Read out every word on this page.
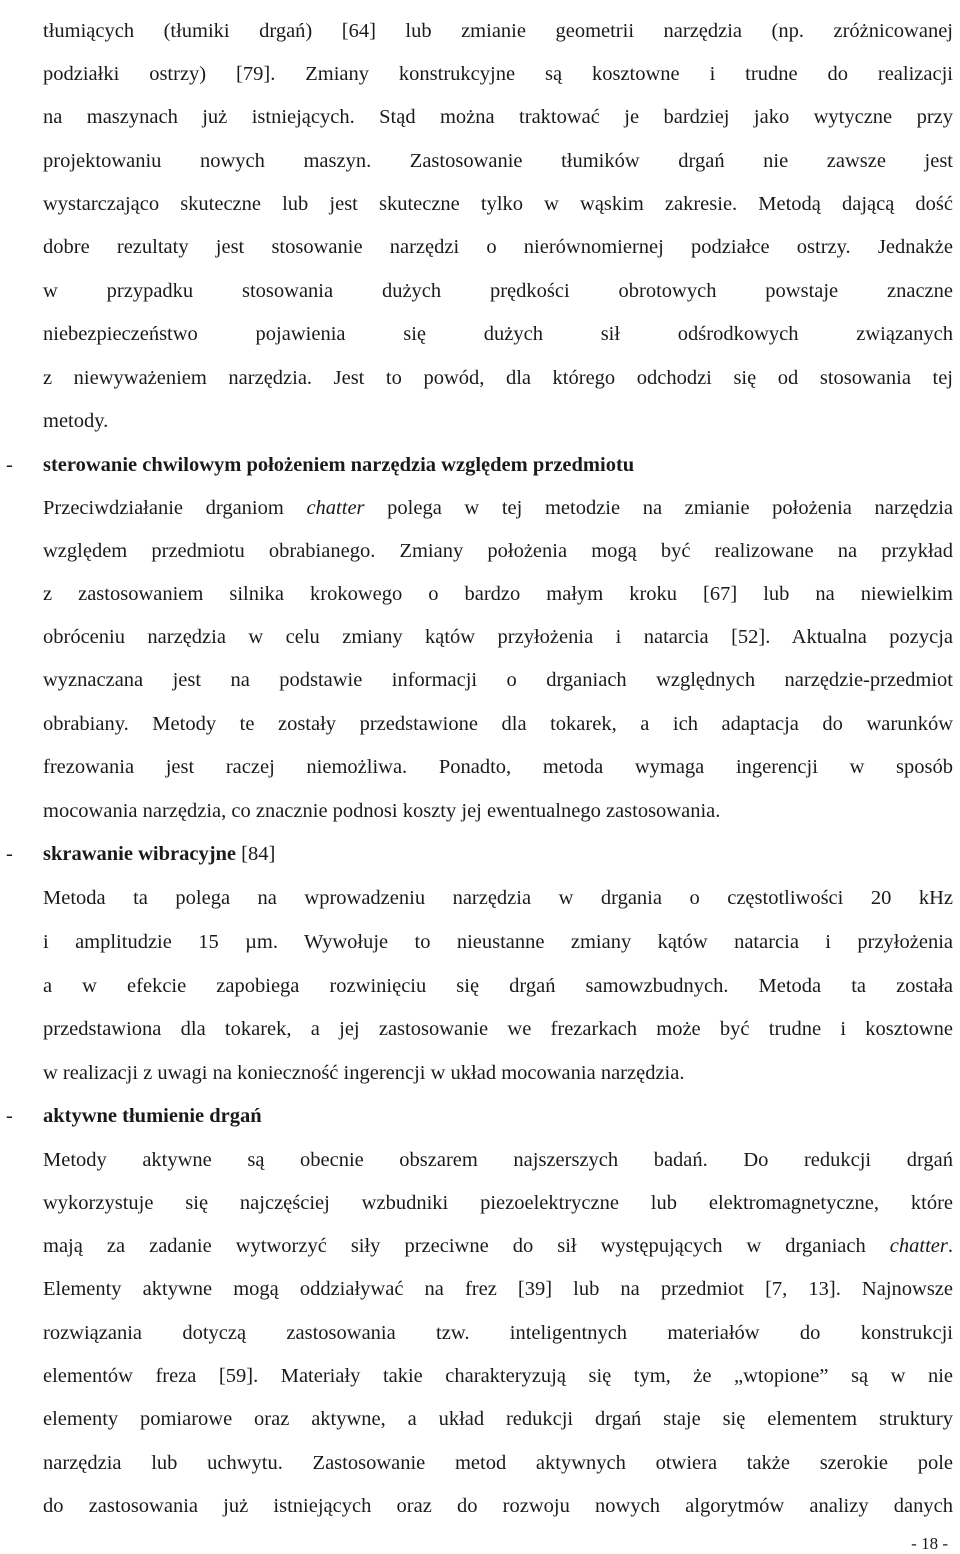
tłumiących (tłumiki drgań) [64] lub zmianie geometrii narzędzia (np. zróżnicowanej
podziałki ostrzy) [79]. Zmiany konstrukcyjne są kosztowne i trudne do realizacji
na maszynach już istniejących. Stąd można traktować je bardziej jako wytyczne przy
projektowaniu nowych maszyn. Zastosowanie tłumików drgań nie zawsze jest
wystarczająco skuteczne lub jest skuteczne tylko w wąskim zakresie. Metodą dającą dość
dobre rezultaty jest stosowanie narzędzi o nierównomiernej podziałce ostrzy. Jednakże
w przypadku stosowania dużych prędkości obrotowych powstaje znaczne
niebezpieczeństwo pojawienia się dużych sił odśrodkowych związanych
z niewyważeniem narzędzia. Jest to powód, dla którego odchodzi się od stosowania tej
metody.
- sterowanie chwilowym położeniem narzędzia względem przedmiotu
Przeciwdziałanie drganiom chatter polega w tej metodzie na zmianie położenia narzędzia
względem przedmiotu obrabianego. Zmiany położenia mogą być realizowane na przykład
z zastosowaniem silnika krokowego o bardzo małym kroku [67] lub na niewielkim
obróceniu narzędzia w celu zmiany kątów przyłożenia i natarcia [52]. Aktualna pozycja
wyznaczana jest na podstawie informacji o drganiach względnych narzędzie-przedmiot
obrabiany. Metody te zostały przedstawione dla tokarek, a ich adaptacja do warunków
frezowania jest raczej niemożliwa. Ponadto, metoda wymaga ingerencji w sposób
mocowania narzędzia, co znacznie podnosi koszty jej ewentualnego zastosowania.
- skrawanie wibracyjne [84]
Metoda ta polega na wprowadzeniu narzędzia w drgania o częstotliwości 20 kHz
i amplitudzie 15 µm. Wywołuje to nieustanne zmiany kątów natarcia i przyłożenia
a w efekcie zapobiega rozwinięciu się drgań samowzbudnych. Metoda ta została
przedstawiona dla tokarek, a jej zastosowanie we frezarkach może być trudne i kosztowne
w realizacji z uwagi na konieczność ingerencji w układ mocowania narzędzia.
- aktywne tłumienie drgań
Metody aktywne są obecnie obszarem najszerszych badań. Do redukcji drgań
wykorzystuje się najczęściej wzbudniki piezoelektryczne lub elektromagnetyczne, które
mają za zadanie wytworzyć siły przeciwne do sił występujących w drganiach chatter.
Elementy aktywne mogą oddziaływać na frez [39] lub na przedmiot [7, 13]. Najnowsze
rozwiązania dotyczą zastosowania tzw. inteligentnych materiałów do konstrukcji
elementów freza [59]. Materiały takie charakteryzują się tym, że „wtopione” są w nie
elementy pomiarowe oraz aktywne, a układ redukcji drgań staje się elementem struktury
narzędzia lub uchwytu. Zastosowanie metod aktywnych otwiera także szerokie pole
do zastosowania już istniejących oraz do rozwoju nowych algorytmów analizy danych
- 18 -
